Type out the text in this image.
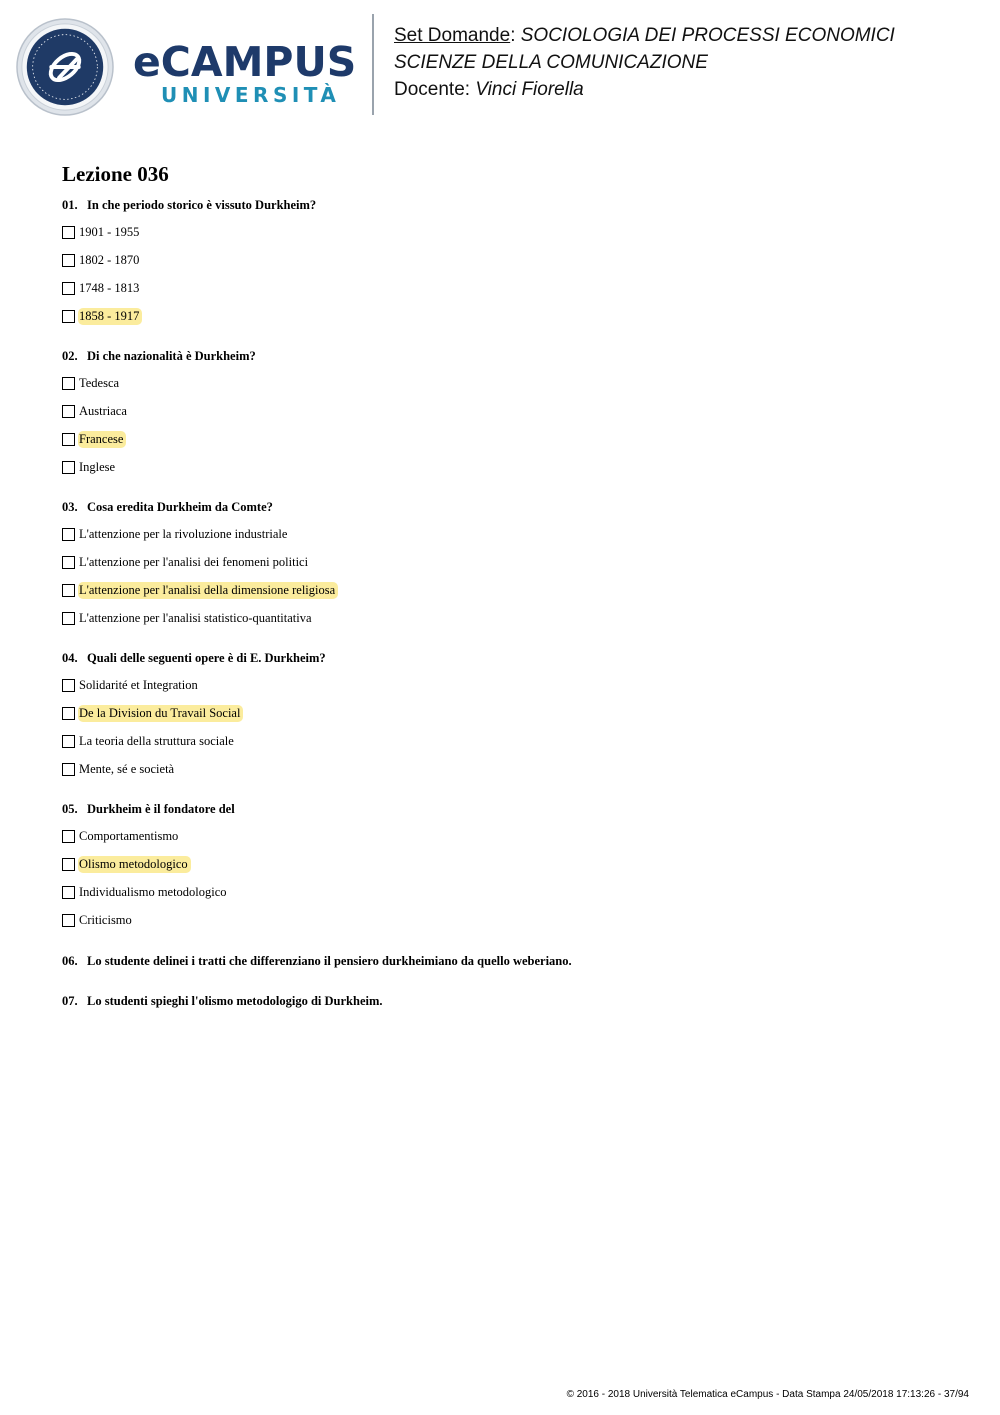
eCAMPUS
UNIVERSITÀ
Set Domande: SOCIOLOGIA DEI PROCESSI ECONOMICI
SCIENZE DELLA COMUNICAZIONE
Docente: Vinci Fiorella
Lezione 036
01. In che periodo storico è vissuto Durkheim?
1901 - 1955
1802 - 1870
1748 - 1813
1858 - 1917
02. Di che nazionalità è Durkheim?
Tedesca
Austriaca
Francese
Inglese
03. Cosa eredita Durkheim da Comte?
L'attenzione per la rivoluzione industriale
L'attenzione per l'analisi dei fenomeni politici
L'attenzione per l'analisi della dimensione religiosa
L'attenzione per l'analisi statistico-quantitativa
04. Quali delle seguenti opere è di E. Durkheim?
Solidarité et Integration
De la Division du Travail Social
La teoria della struttura sociale
Mente, sé e società
05. Durkheim è il fondatore del
Comportamentismo
Olismo metodologico
Individualismo metodologico
Criticismo
06. Lo studente delinei i tratti che differenziano il pensiero durkheimiano da quello weberiano.
07. Lo studenti spieghi l'olismo metodologigo di Durkheim.
© 2016 - 2018 Università Telematica eCampus - Data Stampa 24/05/2018 17:13:26 - 37/94
